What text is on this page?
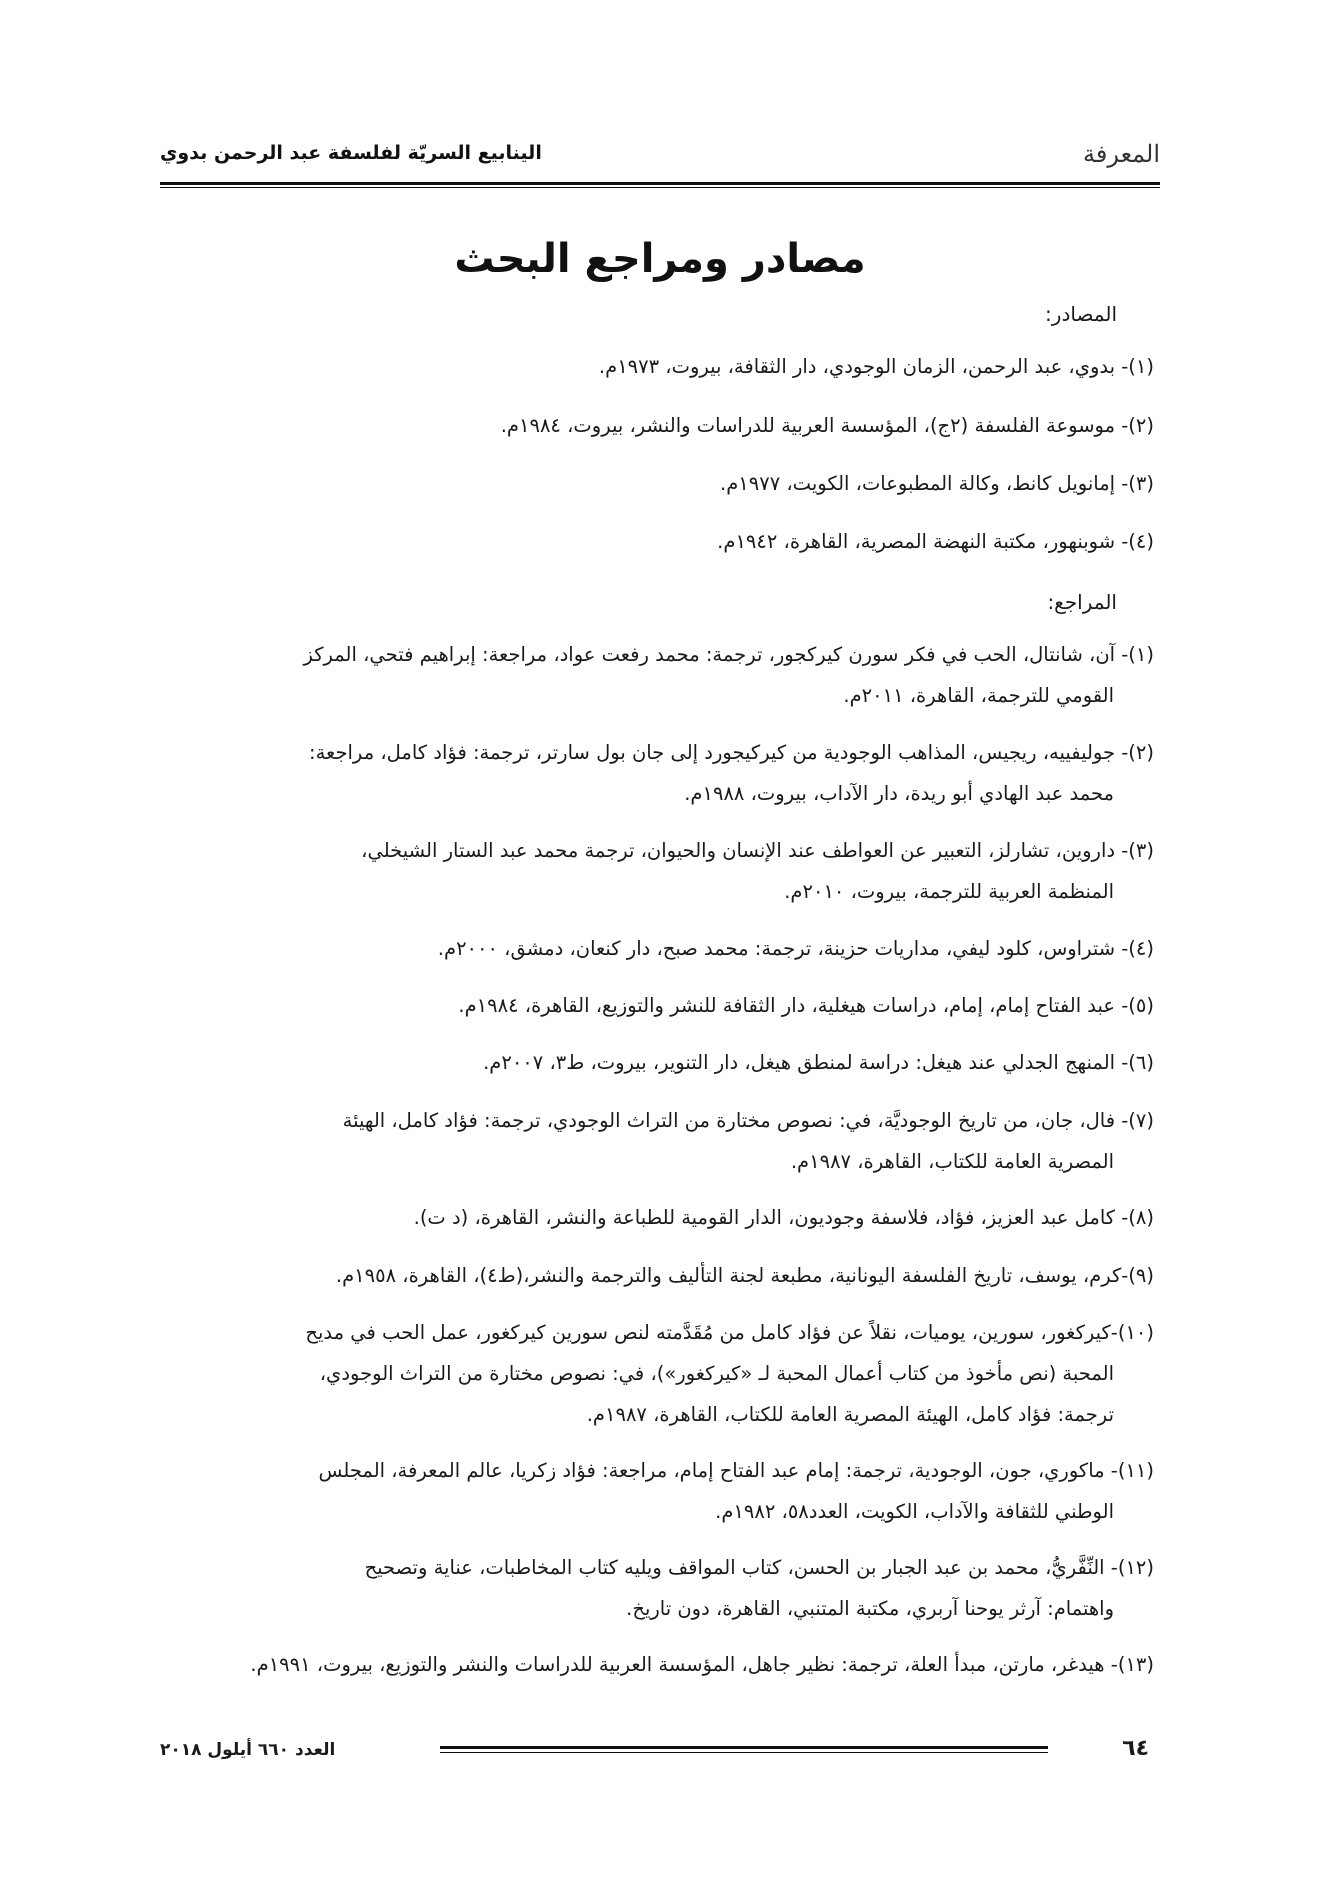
المعرفة
الينابيع السريّة لفلسفة عبد الرحمن بدوي
مصادر ومراجع البحث
المصادر:
(١)- بدوي، عبد الرحمن، الزمان الوجودي، دار الثقافة، بيروت، ١٩٧٣م.
(٢)- موسوعة الفلسفة (٢ج)، المؤسسة العربية للدراسات والنشر، بيروت، ١٩٨٤م.
(٣)- إمانويل كانط، وكالة المطبوعات، الكويت، ١٩٧٧م.
(٤)- شوبنهور، مكتبة النهضة المصرية، القاهرة، ١٩٤٢م.
المراجع:
(١)- آن، شانتال، الحب في فكر سورن كيركجور، ترجمة: محمد رفعت عواد، مراجعة: إبراهيم فتحي، المركز
القومي للترجمة، القاهرة، ٢٠١١م.
(٢)- جوليفييه، ريجيس، المذاهب الوجودية من كيركيجورد إلى جان بول سارتر، ترجمة: فؤاد كامل، مراجعة:
محمد عبد الهادي أبو ريدة، دار الآداب، بيروت، ١٩٨٨م.
(٣)- داروين، تشارلز، التعبير عن العواطف عند الإنسان والحيوان، ترجمة محمد عبد الستار الشيخلي،
المنظمة العربية للترجمة، بيروت، ٢٠١٠م.
(٤)- شتراوس، كلود ليفي، مداريات حزينة، ترجمة: محمد صبح، دار كنعان، دمشق، ٢٠٠٠م.
(٥)- عبد الفتاح إمام، إمام، دراسات هيغلية، دار الثقافة للنشر والتوزيع، القاهرة، ١٩٨٤م.
(٦)- المنهج الجدلي عند هيغل: دراسة لمنطق هيغل، دار التنوير، بيروت، ط٣، ٢٠٠٧م.
(٧)- فال، جان، من تاريخ الوجوديَّة، في: نصوص مختارة من التراث الوجودي، ترجمة: فؤاد كامل، الهيئة
المصرية العامة للكتاب، القاهرة، ١٩٨٧م.
(٨)- كامل عبد العزيز، فؤاد، فلاسفة وجوديون، الدار القومية للطباعة والنشر، القاهرة، (د ت).
(٩)-كرم، يوسف، تاريخ الفلسفة اليونانية، مطبعة لجنة التأليف والترجمة والنشر،(ط٤)، القاهرة، ١٩٥٨م.
(١٠)-كيركغور، سورين، يوميات، نقلاً عن فؤاد كامل من مُقَدَّمته لنص سورين كيركغور، عمل الحب في مديح
المحبة (نص مأخوذ من كتاب أعمال المحبة لـ «كيركغور»)، في: نصوص مختارة من التراث الوجودي،
ترجمة: فؤاد كامل، الهيئة المصرية العامة للكتاب، القاهرة، ١٩٨٧م.
(١١)- ماكوري، جون، الوجودية، ترجمة: إمام عبد الفتاح إمام، مراجعة: فؤاد زكريا، عالم المعرفة، المجلس
الوطني للثقافة والآداب، الكويت، العدد٥٨، ١٩٨٢م.
(١٢)- النِّفَّريُّ، محمد بن عبد الجبار بن الحسن، كتاب المواقف ويليه كتاب المخاطبات، عناية وتصحيح
واهتمام: آرثر يوحنا آربري، مكتبة المتنبي، القاهرة، دون تاريخ.
(١٣)- هيدغر، مارتن، مبدأ العلة، ترجمة: نظير جاهل، المؤسسة العربية للدراسات والنشر والتوزيع، بيروت، ١٩٩١م.
٦٤
العدد ٦٦٠ أيلول ٢٠١٨
